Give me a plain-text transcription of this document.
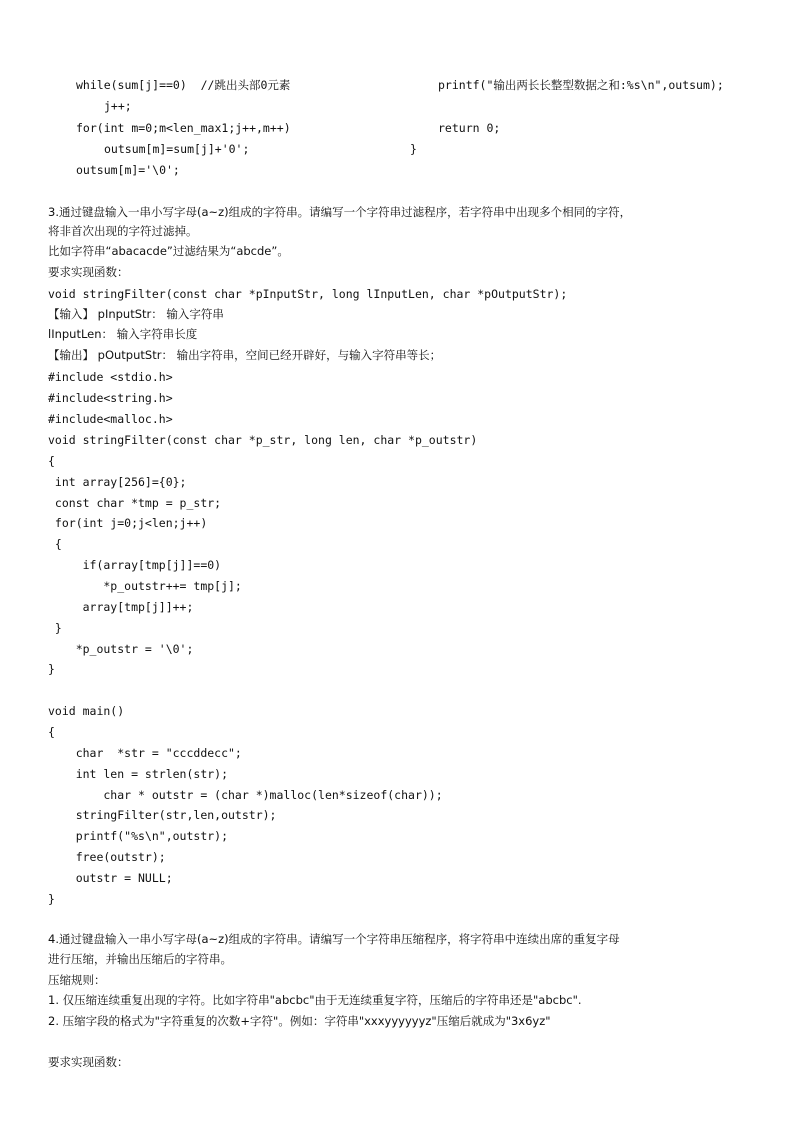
while(sum[j]==0)  //跳出头部0元素
j++;
for(int m=0;m<len_max1;j++,m++)
outsum[m]=sum[j]+'0';
outsum[m]='\0';
printf("输出两长长整型数据之和:%s\n",outsum);
return 0;
}
3.通过键盘输入一串小写字母(a~z)组成的字符串。请编写一个字符串过滤程序，若字符串中出现多个相同的字符，
将非首次出现的字符过滤掉。
比如字符串“abacacde”过滤结果为“abcde”。
要求实现函数：
void stringFilter(const char *pInputStr, long lInputLen, char *pOutputStr);
【输入】 pInputStr： 输入字符串
lInputLen： 输入字符串长度
【输出】 pOutputStr： 输出字符串，空间已经开辟好，与输入字符串等长；
#include <stdio.h>
#include<string.h>
#include<malloc.h>
void stringFilter(const char *p_str, long len, char *p_outstr)
{
int array[256]={0};
const char *tmp = p_str;
for(int j=0;j<len;j++)
{
if(array[tmp[j]]==0)
*p_outstr++= tmp[j];
array[tmp[j]]++;
}
*p_outstr = '\0';
}
void main()
{
char  *str = "cccddecc";
int len = strlen(str);
char * outstr = (char *)malloc(len*sizeof(char));
stringFilter(str,len,outstr);
printf("%s\n",outstr);
free(outstr);
outstr = NULL;
}
4.通过键盘输入一串小写字母(a~z)组成的字符串。请编写一个字符串压缩程序，将字符串中连续出席的重复字母
进行压缩，并输出压缩后的字符串。
压缩规则：
1. 仅压缩连续重复出现的字符。比如字符串"abcbc"由于无连续重复字符，压缩后的字符串还是"abcbc".
2. 压缩字段的格式为"字符重复的次数+字符"。例如：字符串"xxxyyyyyyz"压缩后就成为"3x6yz"
要求实现函数：
